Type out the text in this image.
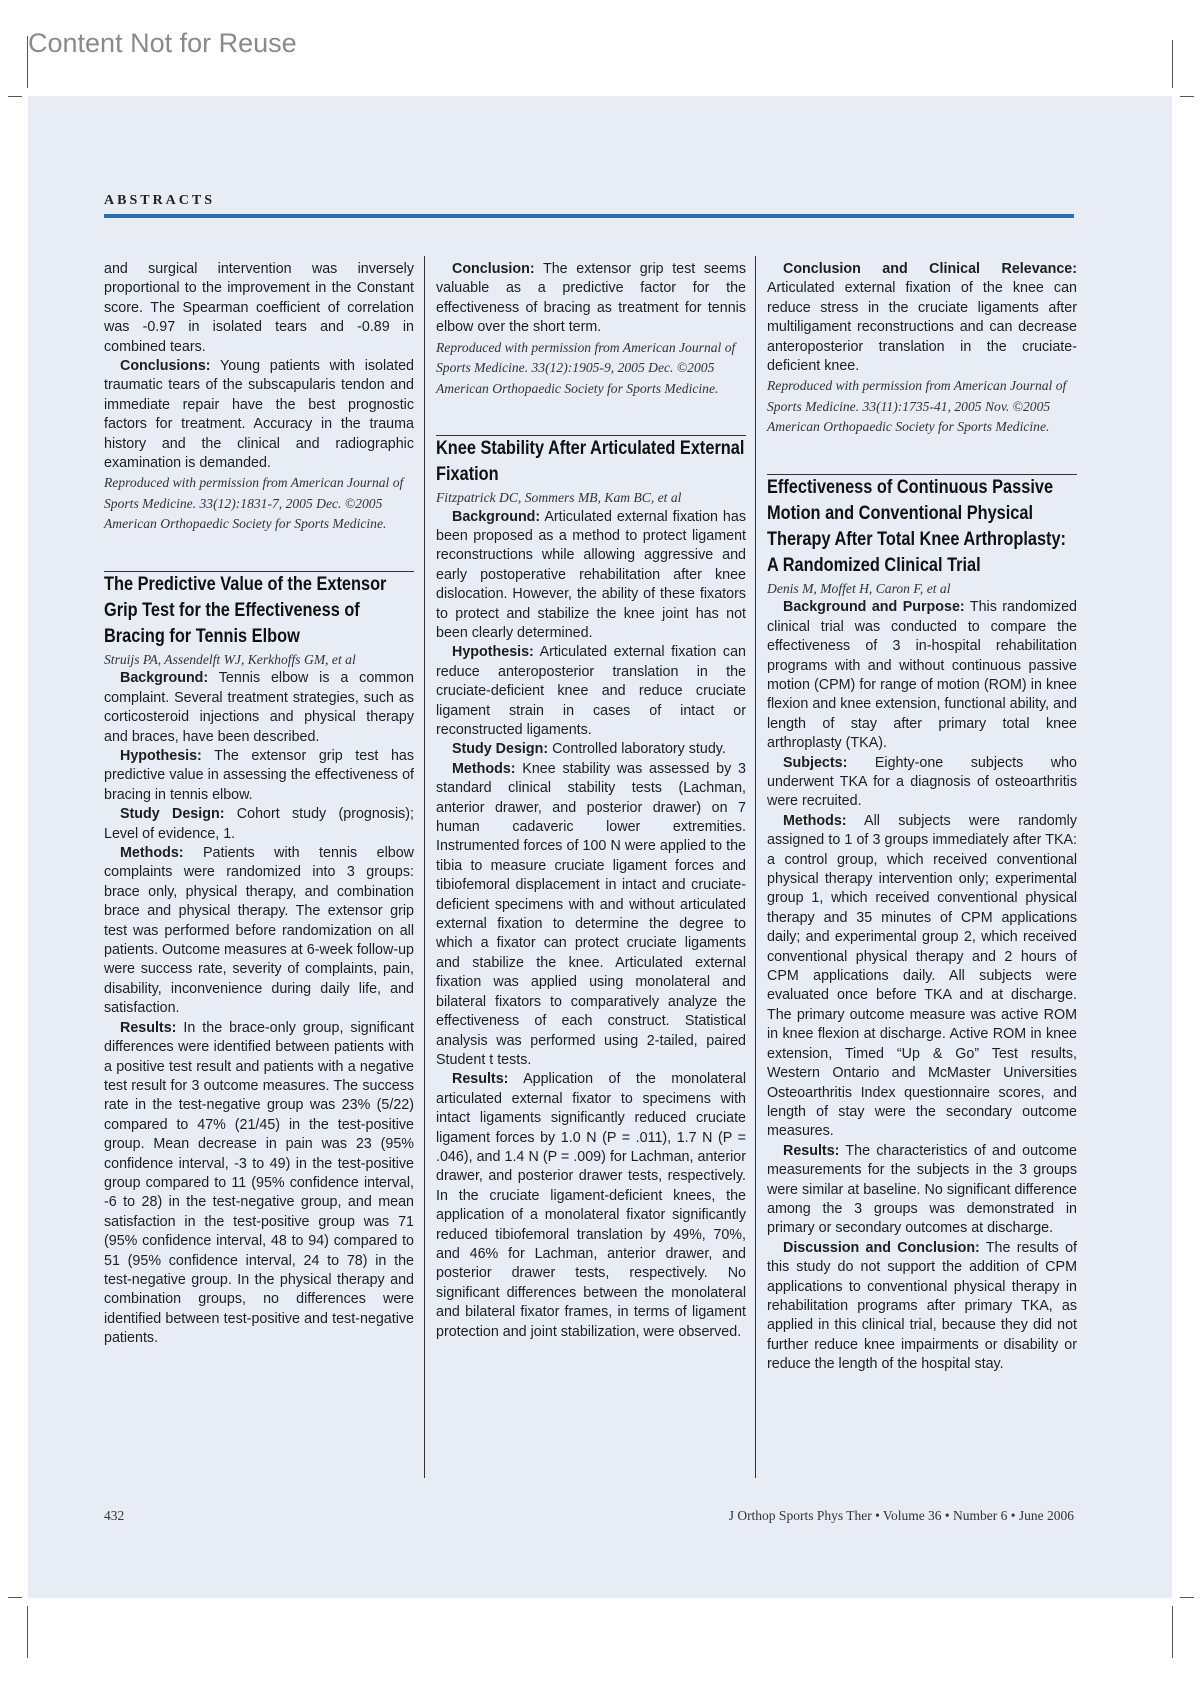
Content Not for Reuse
ABSTRACTS

and surgical intervention was inversely proportional to the improvement in the Constant score. The Spearman coefficient of correlation was -0.97 in isolated tears and -0.89 in combined tears.

Conclusions: Young patients with isolated traumatic tears of the subscapularis tendon and immediate repair have the best prognostic factors for treatment. Accuracy in the trauma history and the clinical and radiographic examination is demanded.

Reproduced with permission from American Journal of Sports Medicine. 33(12):1831-7, 2005 Dec. ©2005 American Orthopaedic Society for Sports Medicine.

The Predictive Value of the Extensor Grip Test for the Effectiveness of Bracing for Tennis Elbow

Struijs PA, Assendelft WJ, Kerkhoffs GM, et al

Background: Tennis elbow is a common complaint. Several treatment strategies, such as corticosteroid injections and physical therapy and braces, have been described.

Hypothesis: The extensor grip test has predictive value in assessing the effectiveness of bracing in tennis elbow.

Study Design: Cohort study (prognosis); Level of evidence, 1.

Methods: Patients with tennis elbow complaints were randomized into 3 groups: brace only, physical therapy, and combination brace and physical therapy. The extensor grip test was performed before randomization on all patients. Outcome measures at 6-week follow-up were success rate, severity of complaints, pain, disability, inconvenience during daily life, and satisfaction.

Results: In the brace-only group, significant differences were identified between patients with a positive test result and patients with a negative test result for 3 outcome measures. The success rate in the test-negative group was 23% (5/22) compared to 47% (21/45) in the test-positive group. Mean decrease in pain was 23 (95% confidence interval, -3 to 49) in the test-positive group compared to 11 (95% confidence interval, -6 to 28) in the test-negative group, and mean satisfaction in the test-positive group was 71 (95% confidence interval, 48 to 94) compared to 51 (95% confidence interval, 24 to 78) in the test-negative group. In the physical therapy and combination groups, no differences were identified between test-positive and test-negative patients.

Conclusion: The extensor grip test seems valuable as a predictive factor for the effectiveness of bracing as treatment for tennis elbow over the short term.

Reproduced with permission from American Journal of Sports Medicine. 33(12):1905-9, 2005 Dec. ©2005 American Orthopaedic Society for Sports Medicine.

Knee Stability After Articulated External Fixation

Fitzpatrick DC, Sommers MB, Kam BC, et al

Background: Articulated external fixation has been proposed as a method to protect ligament reconstructions while allowing aggressive and early postoperative rehabilitation after knee dislocation. However, the ability of these fixators to protect and stabilize the knee joint has not been clearly determined.

Hypothesis: Articulated external fixation can reduce anteroposterior translation in the cruciate-deficient knee and reduce cruciate ligament strain in cases of intact or reconstructed ligaments.

Study Design: Controlled laboratory study.

Methods: Knee stability was assessed by 3 standard clinical stability tests (Lachman, anterior drawer, and posterior drawer) on 7 human cadaveric lower extremities. Instrumented forces of 100 N were applied to the tibia to measure cruciate ligament forces and tibiofemoral displacement in intact and cruciate-deficient specimens with and without articulated external fixation to determine the degree to which a fixator can protect cruciate ligaments and stabilize the knee. Articulated external fixation was applied using monolateral and bilateral fixators to comparatively analyze the effectiveness of each construct. Statistical analysis was performed using 2-tailed, paired Student t tests.

Results: Application of the monolateral articulated external fixator to specimens with intact ligaments significantly reduced cruciate ligament forces by 1.0 N (P = .011), 1.7 N (P = .046), and 1.4 N (P = .009) for Lachman, anterior drawer, and posterior drawer tests, respectively. In the cruciate ligament-deficient knees, the application of a monolateral fixator significantly reduced tibiofemoral translation by 49%, 70%, and 46% for Lachman, anterior drawer, and posterior drawer tests, respectively. No significant differences between the monolateral and bilateral fixator frames, in terms of ligament protection and joint stabilization, were observed.

Conclusion and Clinical Relevance: Articulated external fixation of the knee can reduce stress in the cruciate ligaments after multiligament reconstructions and can decrease anteroposterior translation in the cruciate-deficient knee.

Reproduced with permission from American Journal of Sports Medicine. 33(11):1735-41, 2005 Nov. ©2005 American Orthopaedic Society for Sports Medicine.

Effectiveness of Continuous Passive Motion and Conventional Physical Therapy After Total Knee Arthroplasty: A Randomized Clinical Trial

Denis M, Moffet H, Caron F, et al

Background and Purpose: This randomized clinical trial was conducted to compare the effectiveness of 3 in-hospital rehabilitation programs with and without continuous passive motion (CPM) for range of motion (ROM) in knee flexion and knee extension, functional ability, and length of stay after primary total knee arthroplasty (TKA).

Subjects: Eighty-one subjects who underwent TKA for a diagnosis of osteoarthritis were recruited.

Methods: All subjects were randomly assigned to 1 of 3 groups immediately after TKA: a control group, which received conventional physical therapy intervention only; experimental group 1, which received conventional physical therapy and 35 minutes of CPM applications daily; and experimental group 2, which received conventional physical therapy and 2 hours of CPM applications daily. All subjects were evaluated once before TKA and at discharge. The primary outcome measure was active ROM in knee flexion at discharge. Active ROM in knee extension, Timed “Up & Go” Test results, Western Ontario and McMaster Universities Osteoarthritis Index questionnaire scores, and length of stay were the secondary outcome measures.

Results: The characteristics of and outcome measurements for the subjects in the 3 groups were similar at baseline. No significant difference among the 3 groups was demonstrated in primary or secondary outcomes at discharge.

Discussion and Conclusion: The results of this study do not support the addition of CPM applications to conventional physical therapy in rehabilitation programs after primary TKA, as applied in this clinical trial, because they did not further reduce knee impairments or disability or reduce the length of the hospital stay.

432	J Orthop Sports Phys Ther • Volume 36 • Number 6 • June 2006
